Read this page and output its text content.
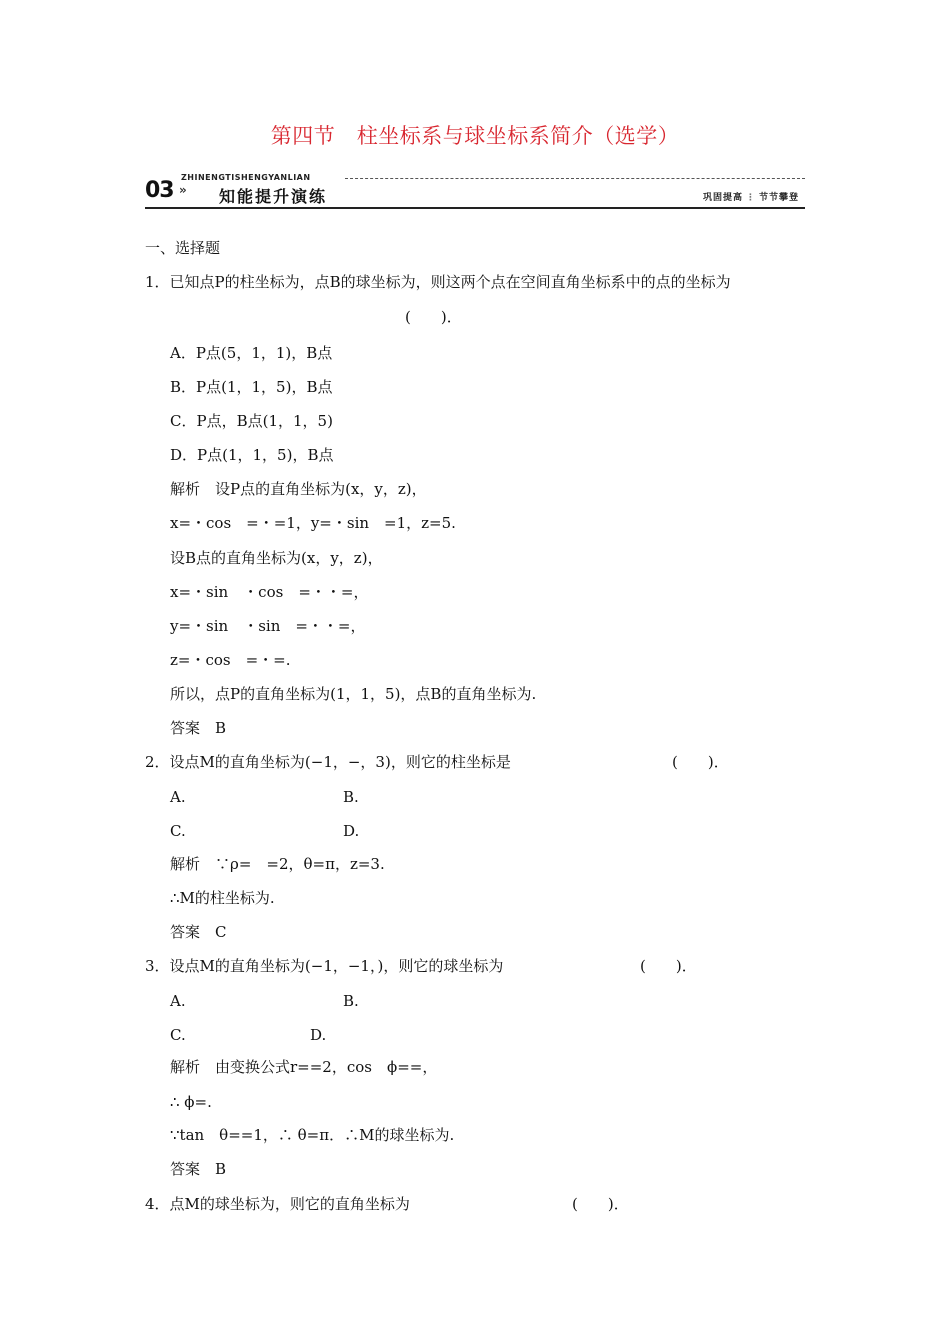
第四节　柱坐标系与球坐标系简介（选学）
03 »
ZHINENGTISHENGYANLIAN
知能提升演练	巩固提高 ⋮ 节节攀登
一、选择题
1．已知点P的柱坐标为，点B的球坐标为，则这两个点在空间直角坐标系中的点的坐标为
(　　)．
A．P点(5，1，1)，B点
B．P点(1，1，5)，B点
C．P点，B点(1，1，5)
D．P点(1，1，5)，B点
解析　设P点的直角坐标为(x，y，z)，
x=・cos　=・=1，y=・sin　=1，z=5.
设B点的直角坐标为(x，y，z)，
x=・sin　・cos　=・・=，
y=・sin　・sin　=・・=，
z=・cos　=・=.
所以，点P的直角坐标为(1，1，5)，点B的直角坐标为.
答案　B
2．设点M的直角坐标为(−1，−，3)，则它的柱坐标是	(　　)．
A.	B.
C.	D.
解析　∵ρ=　=2，θ=π，z=3.
∴M的柱坐标为.
答案　C
3．设点M的直角坐标为(−1，−1，)，则它的球坐标为	(　　)．
A.	B.
C.	D.
解析　由变换公式r==2，cos　ϕ==，
∴ ϕ=.
∵tan　θ==1，∴ θ=π．∴M的球坐标为.
答案　B
4．点M的球坐标为，则它的直角坐标为	(　　)．
